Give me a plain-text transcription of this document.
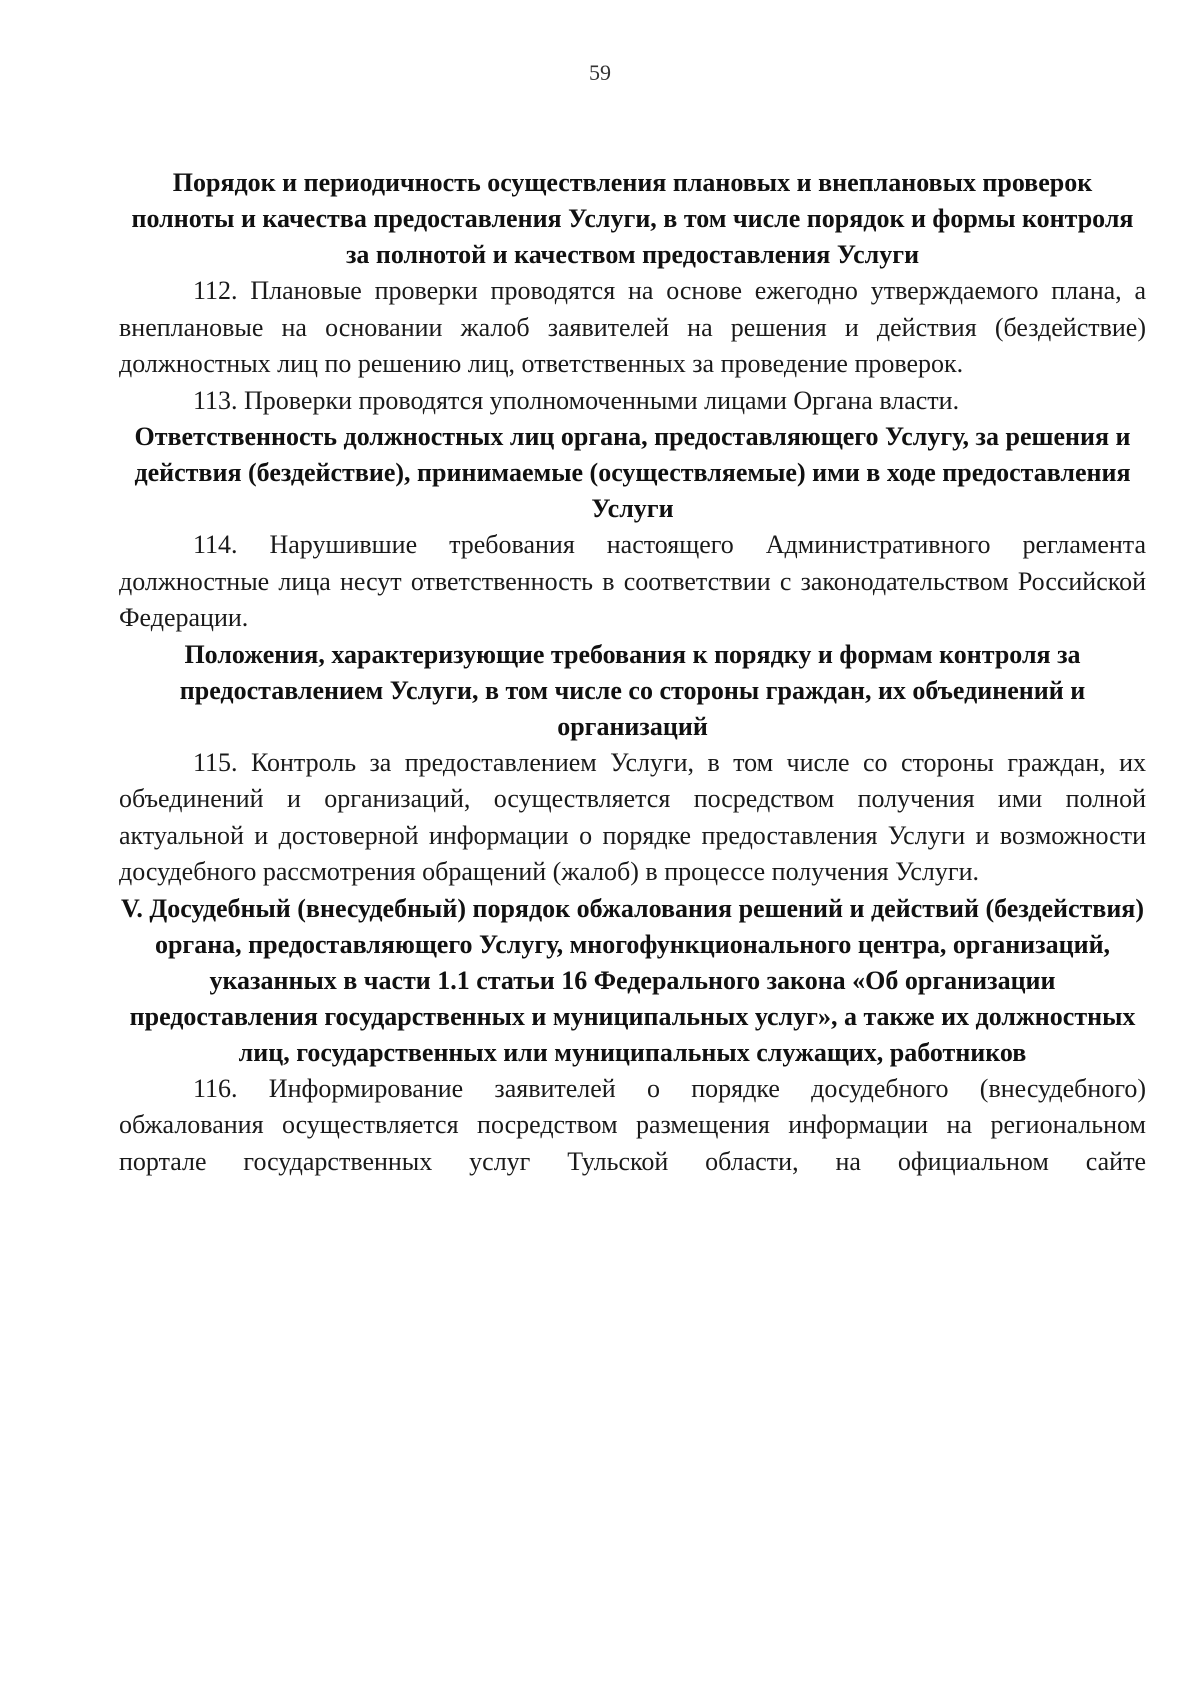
59
Порядок и периодичность осуществления плановых и внеплановых проверок полноты и качества предоставления Услуги, в том числе порядок и формы контроля за полнотой и качеством предоставления Услуги

112. Плановые проверки проводятся на основе ежегодно утверждаемого плана, а внеплановые на основании жалоб заявителей на решения и действия (бездействие) должностных лиц по решению лиц, ответственных за проведение проверок.

113. Проверки проводятся уполномоченными лицами Органа власти.

Ответственность должностных лиц органа, предоставляющего Услугу, за решения и действия (бездействие), принимаемые (осуществляемые) ими в ходе предоставления Услуги

114. Нарушившие требования настоящего Административного регламента должностные лица несут ответственность в соответствии с законодательством Российской Федерации.

Положения, характеризующие требования к порядку и формам контроля за предоставлением Услуги, в том числе со стороны граждан, их объединений и организаций

115. Контроль за предоставлением Услуги, в том числе со стороны граждан, их объединений и организаций, осуществляется посредством получения ими полной актуальной и достоверной информации о порядке предоставления Услуги и возможности досудебного рассмотрения обращений (жалоб) в процессе получения Услуги.

V. Досудебный (внесудебный) порядок обжалования решений и действий (бездействия) органа, предоставляющего Услугу, многофункционального центра, организаций, указанных в части 1.1 статьи 16 Федерального закона «Об организации предоставления государственных и муниципальных услуг», а также их должностных лиц, государственных или муниципальных служащих, работников

116. Информирование заявителей о порядке досудебного (внесудебного) обжалования осуществляется посредством размещения информации на региональном портале государственных услуг Тульской области, на официальном сайте
